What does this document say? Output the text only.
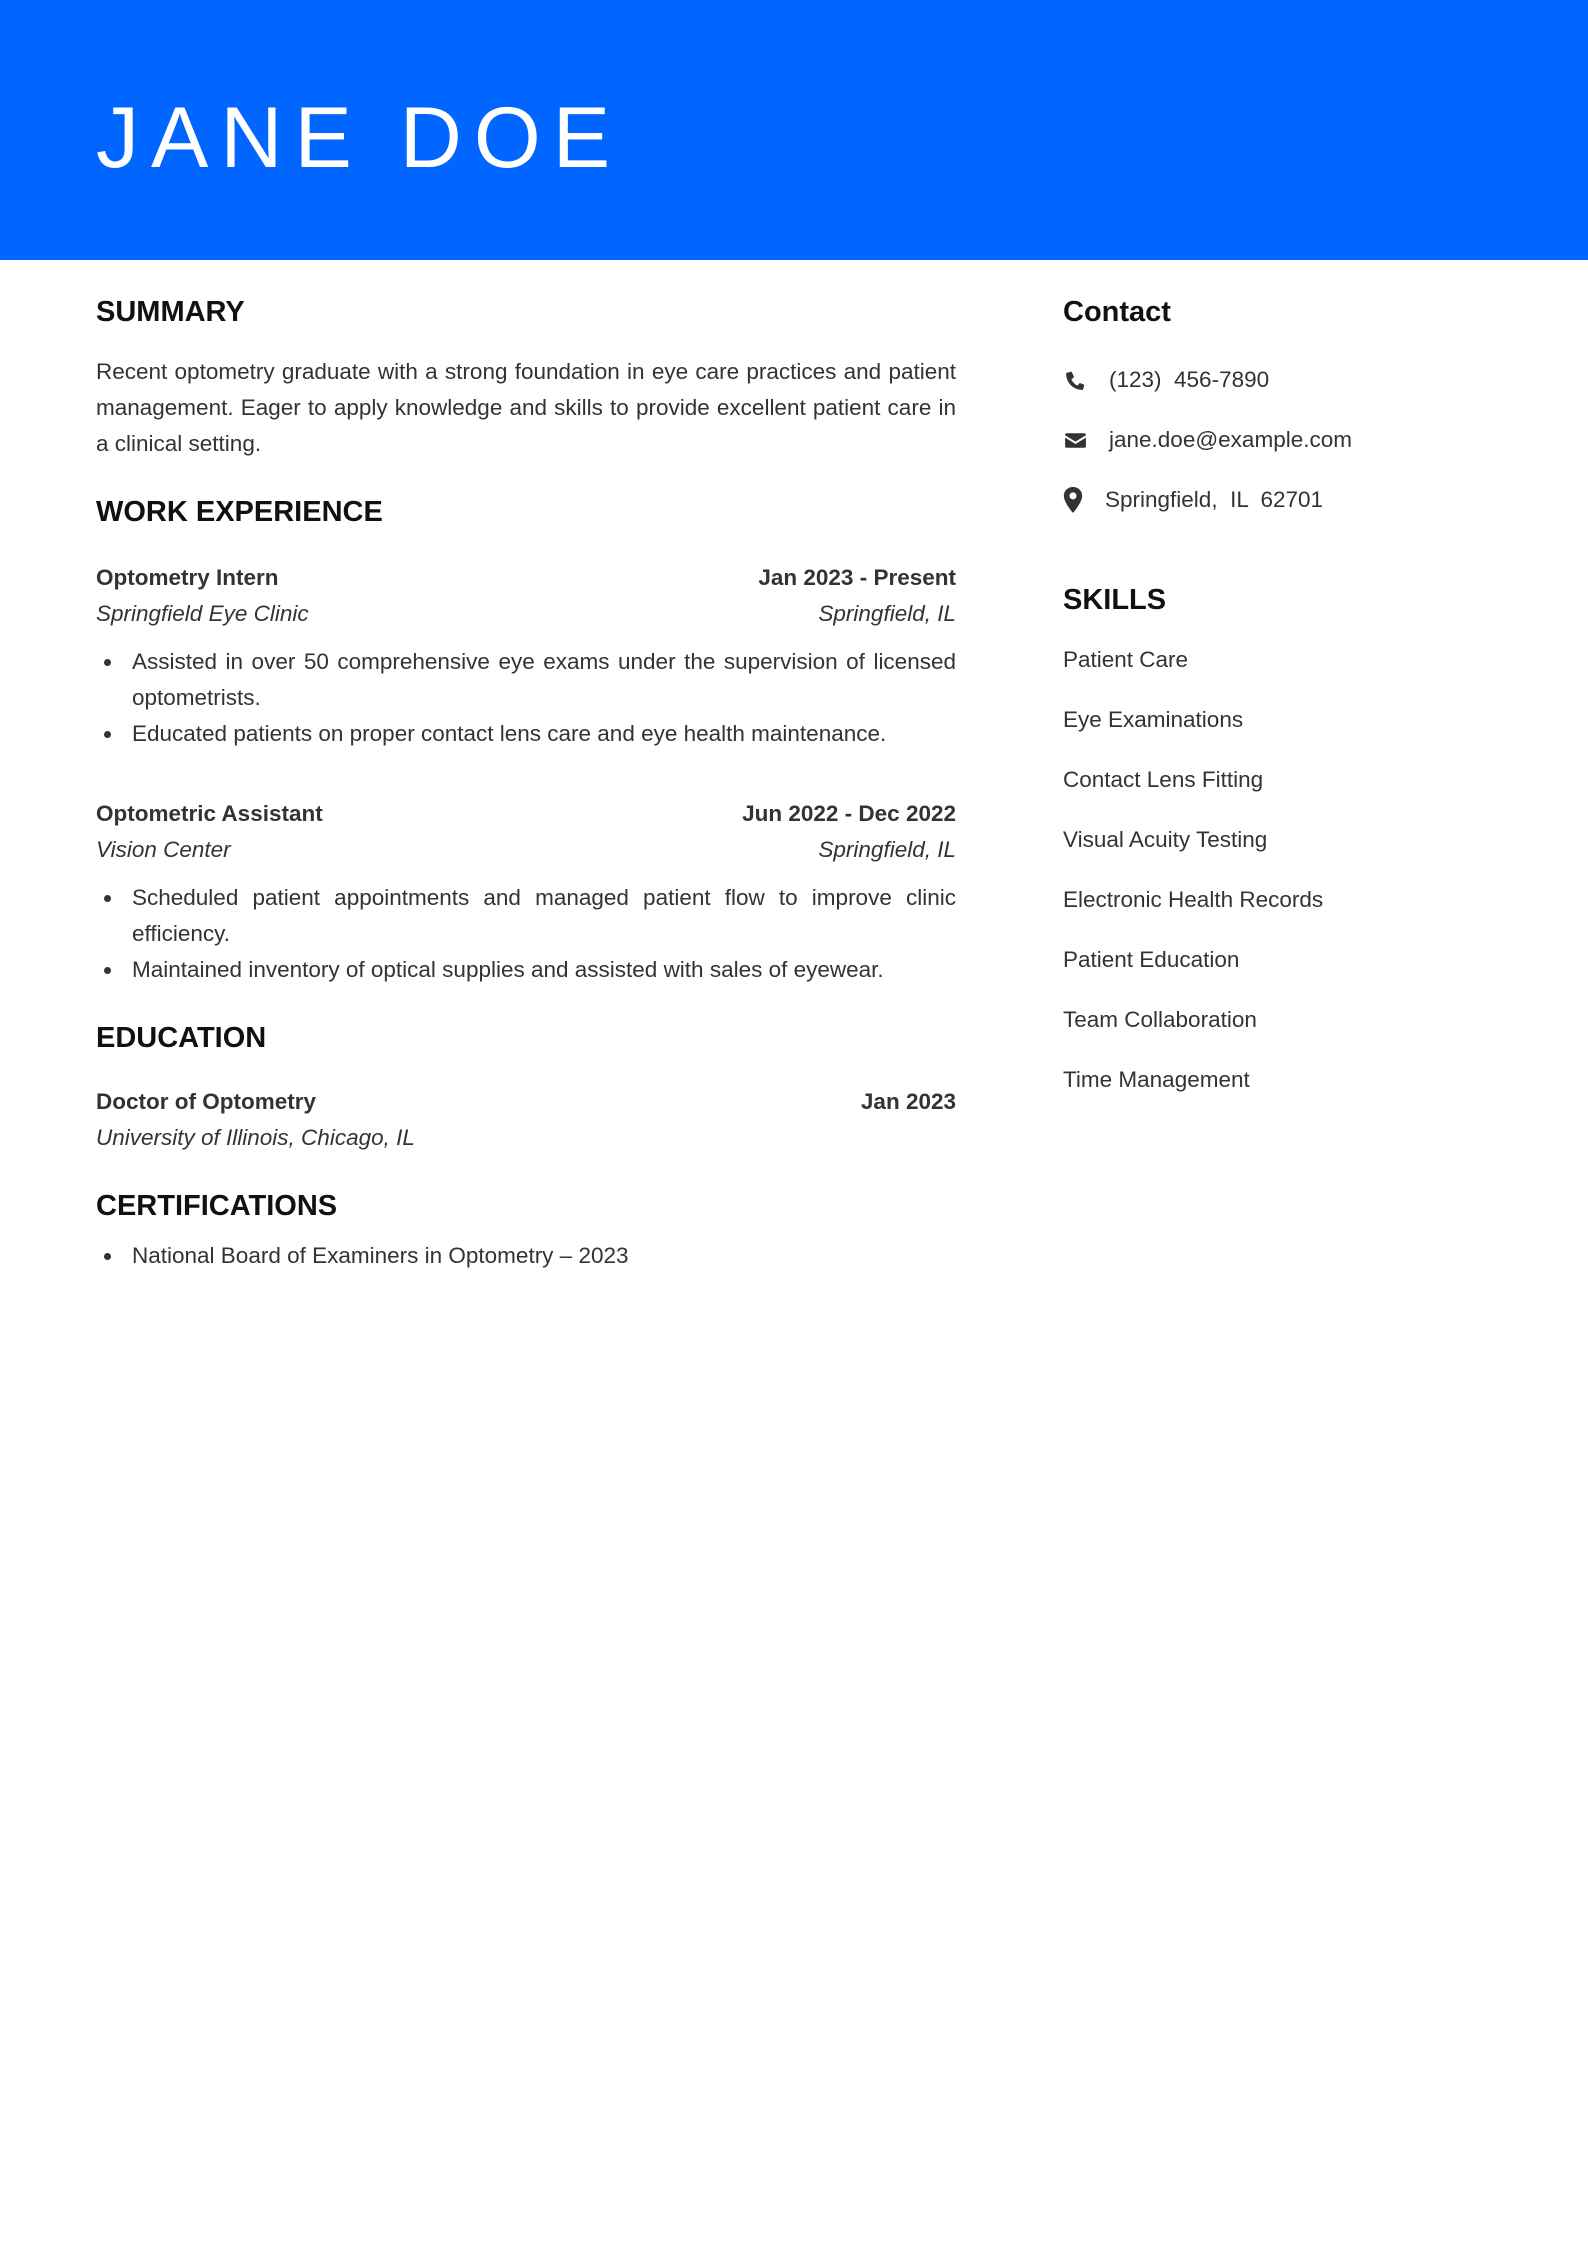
JANE DOE
SUMMARY

Recent optometry graduate with a strong foundation in eye care practices and patient management. Eager to apply knowledge and skills to provide excellent patient care in a clinical setting.

WORK EXPERIENCE
Optometry Intern	Jan 2023 - Present
Springfield Eye Clinic	Springfield, IL
Assisted in over 50 comprehensive eye exams under the supervision of licensed optometrists.
Educated patients on proper contact lens care and eye health maintenance.
Optometric Assistant	Jun 2022 - Dec 2022
Vision Center	Springfield, IL
Scheduled patient appointments and managed patient flow to improve clinic efficiency.
Maintained inventory of optical supplies and assisted with sales of eyewear.
EDUCATION
Doctor of Optometry	Jan 2023
University of Illinois, Chicago, IL
CERTIFICATIONS
National Board of Examiners in Optometry – 2023
Contact
(123)  456-7890
jane.doe@example.com
Springfield,  IL  62701
SKILLS
Patient Care
Eye Examinations
Contact Lens Fitting
Visual Acuity Testing
Electronic Health Records
Patient Education
Team Collaboration
Time Management
